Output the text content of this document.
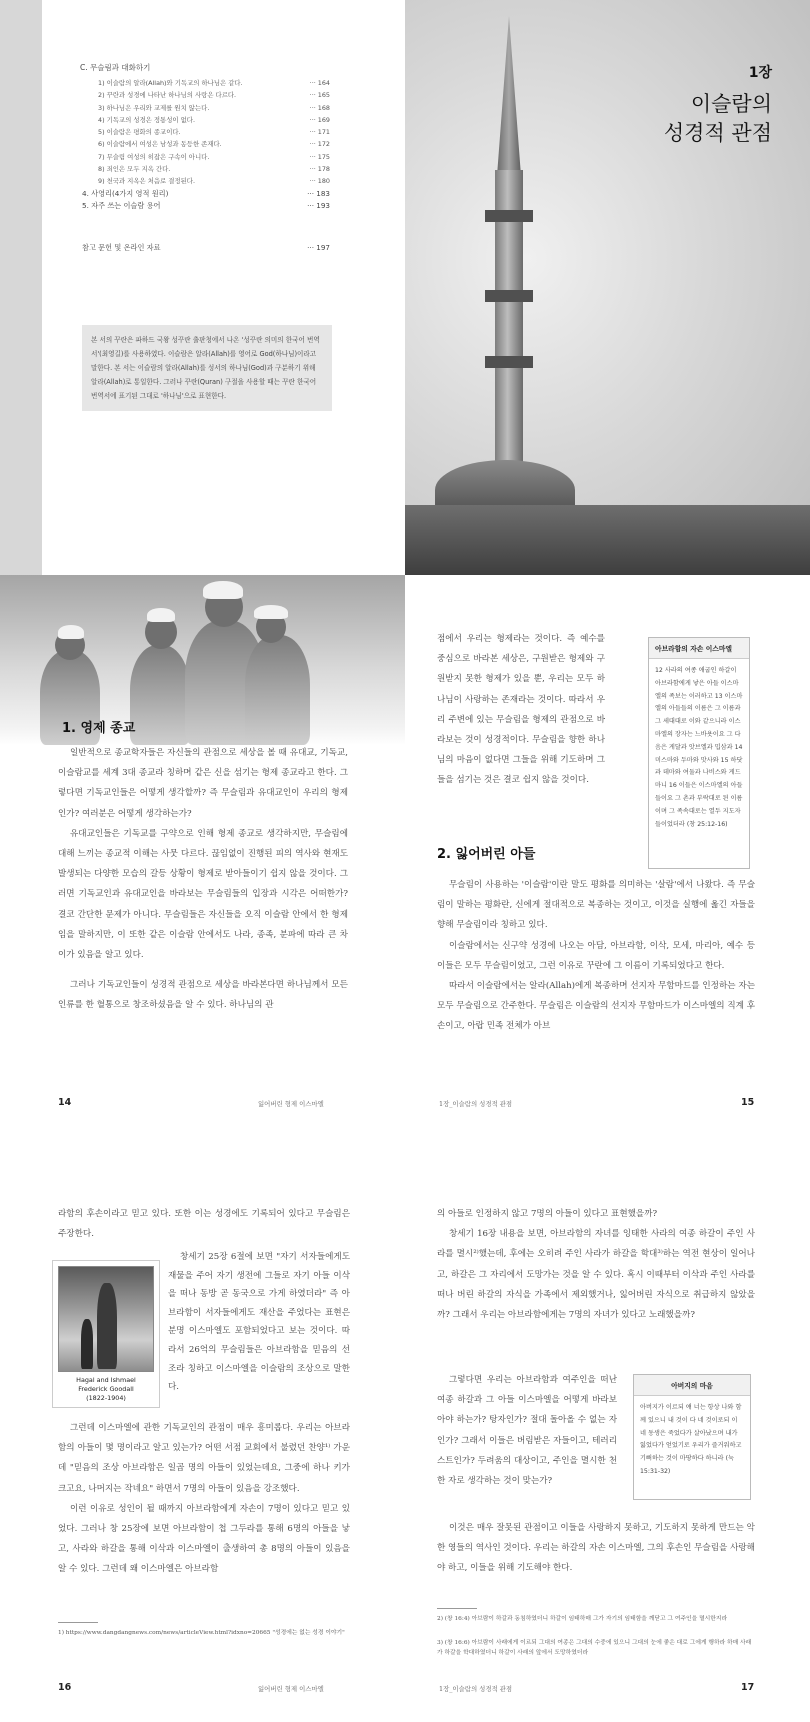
C. 무슬림과 대화하기
1) 이슬람의 알라(Allah)와 기독교의 하나님은 같다.	··· 164
2) 꾸란과 성경에 나타난 하나님의 사랑은 다르다.	··· 165
3) 하나님은 우리와 교제를 원치 않는다.	··· 168
4) 기독교의 성경은 정통성이 없다.	··· 169
5) 이슬람은 평화의 종교이다.	··· 171
6) 이슬람에서 여성은 남성과 동등한 존재다.	··· 172
7) 무슬림 여성의 히잡은 구속이 아니다.	··· 175
8) 죄인은 모두 지옥 간다.	··· 178
9) 천국과 지옥은 처음로 결정된다.	··· 180
4. 사영리(4가지 영적 원리)	··· 183
5. 자주 쓰는 이슬람 용어	··· 193
참고 문헌 및 온라인 자료	··· 197
본 서의 꾸란은 파하드 국왕 성꾸란 출판청에서 나온 '성꾸란 의미의 한국어 번역서'(최영길)를 사용하였다. 이슬람은 알라(Allah)를 영어로 God(하나님)이라고 말한다. 본 서는 이슬람의 알라(Allah)를 성서의 하나님(God)과 구분하기 위해 알라(Allah)로 통일한다. 그러나 꾸란(Quran) 구절을 사용할 때는 꾸란 한국어 번역서에 표기된 그대로 '하나님'으로 표현한다.
1장
이슬람의
성경적 관점
1. 영제 종교

일반적으로 종교학자들은 자신들의 관점으로 세상을 볼 때 유대교, 기독교, 이슬람교를 세계 3대 종교라 칭하며 같은 신을 섬기는 형제 종교라고 한다. 그렇다면 기독교인들은 어떻게 생각할까? 즉 무슬림과 유대교인이 우리의 형제인가? 여러분은 어떻게 생각하는가?

유대교인들은 기독교를 구약으로 인해 형제 종교로 생각하지만, 무슬림에 대해 느끼는 종교적 이해는 사뭇 다르다. 끊임없이 진행된 피의 역사와 현재도 발생되는 다양한 모습의 갈등 상황이 형제로 받아들이기 쉽지 않을 것이다. 그러면 기독교인과 유대교인을 바라보는 무슬림들의 입장과 시각은 어떠한가? 결코 간단한 문제가 아니다. 무슬림들은 자신들을 오직 이슬람 안에서 한 형제임을 말하지만, 이 또한 같은 이슬람 안에서도 나라, 종족, 분파에 따라 큰 차이가 있음을 알고 있다.

그러나 기독교인들이 성경적 관점으로 세상을 바라본다면 하나님께서 모든 인류를 한 혈통으로 창조하셨음을 알 수 있다. 하나님의 관

14	잃어버린 형제 이스마엘

점에서 우리는 형제라는 것이다. 즉 예수를 중심으로 바라본 세상은, 구원받은 형제와 구원받지 못한 형제가 있을 뿐, 우리는 모두 하나님이 사랑하는 존재라는 것이다. 따라서 우리 주변에 있는 무슬림을 형제의 관점으로 바라보는 것이 성경적이다. 무슬림을 향한 하나님의 마음이 없다면 그들을 위해 기도하며 그들을 섬기는 것은 결코 쉽지 않을 것이다.

아브라함의 자손 이스마엘
12 사라의 여종 애굽인 하갈이 아브라함에게 낳은 아들 이스마엘의 족보는 이러하고 13 이스마엘의 아들들의 이름은 그 이름과 그 세대대로 이와 같으니라 이스마엘의 장자는 느바욧이요 그 다음은 게달과 앗브엘과 밉삼과 14 미스마와 두마와 맛사와 15 하닷과 데마와 여둘과 나비스와 게드마니 16 이들은 이스마엘의 아들들이요 그 촌과 부락대로 된 이름이며 그 족속대로는 열두 지도자들이었더라 (창 25:12-16)
2. 잃어버린 아들

무슬림이 사용하는 '이슬람'이란 말도 평화를 의미하는 '살람'에서 나왔다. 즉 무슬림이 말하는 평화란, 신에게 절대적으로 복종하는 것이고, 이것을 실행에 옮긴 자들을 향해 무슬림이라 칭하고 있다.

이슬람에서는 신구약 성경에 나오는 아담, 아브라함, 이삭, 모세, 마리아, 예수 등 이들은 모두 무슬림이었고, 그런 이유로 꾸란에 그 이름이 기록되었다고 한다.

따라서 이슬람에서는 알라(Allah)에게 복종하며 선지자 무함마드를 인정하는 자는 모두 무슬림으로 간주한다. 무슬림은 이슬람의 선지자 무함마드가 이스마엘의 직계 후손이고, 아랍 민족 전체가 아브

1장_이슬람의 성경적 관점	15

라함의 후손이라고 믿고 있다. 또한 이는 성경에도 기록되어 있다고 무슬림은 주장한다.

Hagal and Ishmael
Frederick Goodall
(1822-1904)

창세기 25장 6절에 보면 "자기 서자들에게도 재물을 주어 자기 생전에 그들로 자기 아들 이삭을 떠나 동방 곧 동국으로 가게 하였더라" 즉 아브라함이 서자들에게도 재산을 주었다는 표현은 분명 이스마엘도 포함되었다고 보는 것이다. 따라서 26억의 무슬림들은 아브라함을 믿음의 선조라 칭하고 이스마엘을 이슬람의 조상으로 말한다.

그런데 이스마엘에 관한 기독교인의 관점이 매우 흥미롭다. 우리는 아브라함의 아들이 몇 명이라고 알고 있는가? 어떤 서점 교회에서 불렸던 찬양¹⁾ 가운데 "믿음의 조상 아브라함은 일곱 명의 아들이 있었는데요, 그중에 하나 키가 크고요, 나머지는 작네요" 하면서 7명의 아들이 있음을 강조했다.

이런 이유로 성인이 될 때까지 아브라함에게 자손이 7명이 있다고 믿고 있었다. 그러나 창 25장에 보면 아브라함이 첩 그두라를 통해 6명의 아들을 낳고, 사라와 하갈을 통해 이삭과 이스마엘이 출생하여 총 8명의 아들이 있음을 알 수 있다. 그런데 왜 이스마엘은 아브라함

1) https://www.dangdangnews.com/news/articleView.html?idxno=20665 "성경에는 없는 성경 이야기"
16	잃어버린 형제 이스마엘

의 아들로 인정하지 않고 7명의 아들이 있다고 표현했을까?

창세기 16장 내용을 보면, 아브라함의 자녀를 잉태한 사라의 여종 하갈이 주인 사라를 멸시²⁾했는데, 후에는 오히려 주인 사라가 하갈을 학대³⁾하는 역전 현상이 일어나고, 하갈은 그 자리에서 도망가는 것을 알 수 있다. 혹시 이때부터 이삭과 주인 사라를 떠나 버린 하갈의 자식을 가족에서 제외했거나, 잃어버린 자식으로 취급하지 않았을까? 그래서 우리는 아브라함에게는 7명의 자녀가 있다고 노래했을까?

그렇다면 우리는 아브라함과 여주인을 떠난 여종 하갈과 그 아들 이스마엘을 어떻게 바라보아야 하는가? 탕자인가? 절대 돌아올 수 없는 자인가? 그래서 이들은 버림받은 자들이고, 테러리스트인가? 두려움의 대상이고, 주인을 멸시한 천한 자로 생각하는 것이 맞는가?

아버지의 마음
아버지가 이르되 얘 너는 항상 나와 함께 있으니 내 것이 다 네 것이로되 이 네 동생은 죽었다가 살아났으며 내가 잃었다가 얻었기로 우리가 즐거워하고 기뻐하는 것이 마땅하다 하니라 (눅 15:31-32)

이것은 매우 잘못된 관점이고 이들을 사랑하지 못하고, 기도하지 못하게 만드는 악한 영들의 역사인 것이다. 우리는 하갈의 자손 이스마엘, 그의 후손인 무슬림을 사랑해야 하고, 이들을 위해 기도해야 한다.

2) (창 16:4) 아브람이 하갈과 동침하였더니 하갈이 임태하매 그가 자기의 임태함을 깨닫고 그 여주인을 멸시한지라
3) (창 16:6) 아브람이 사래에게 이르되 그대의 여종은 그대의 수중에 있으니 그대의 눈에 좋은 대로 그에게 행하라 하매 사래가 하갈을 학대하였더니 하갈이 사래의 앞에서 도망하였더라
1장_이슬람의 성경적 관점	17
